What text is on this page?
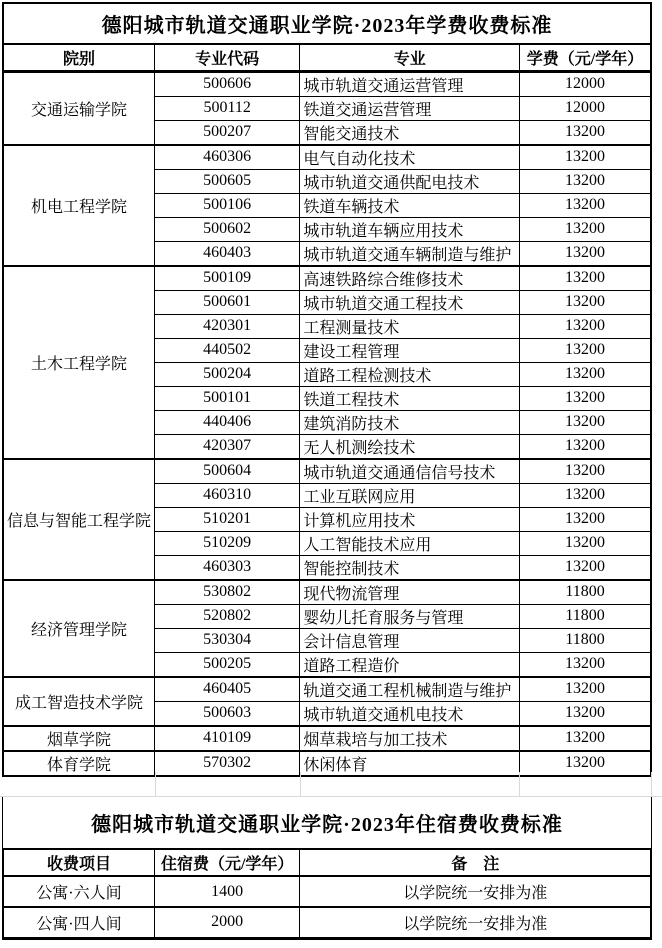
德阳城市轨道交通职业学院·2023年学费收费标准
院别	专业代码	专业	学费（元/学年）
交通运输学院	500606	城市轨道交通运营管理	12000
	500112	铁道交通运营管理	12000
	500207	智能交通技术	13200
机电工程学院	460306	电气自动化技术	13200
	500605	城市轨道交通供配电技术	13200
	500106	铁道车辆技术	13200
	500602	城市轨道车辆应用技术	13200
	460403	城市轨道交通车辆制造与维护	13200
土木工程学院	500109	高速铁路综合维修技术	13200
	500601	城市轨道交通工程技术	13200
	420301	工程测量技术	13200
	440502	建设工程管理	13200
	500204	道路工程检测技术	13200
	500101	铁道工程技术	13200
	440406	建筑消防技术	13200
	420307	无人机测绘技术	13200
信息与智能工程学院	500604	城市轨道交通通信信号技术	13200
	460310	工业互联网应用	13200
	510201	计算机应用技术	13200
	510209	人工智能技术应用	13200
	460303	智能控制技术	13200
经济管理学院	530802	现代物流管理	11800
	520802	婴幼儿托育服务与管理	11800
	530304	会计信息管理	11800
	500205	道路工程造价	13200
成工智造技术学院	460405	轨道交通工程机械制造与维护	13200
	500603	城市轨道交通机电技术	13200
烟草学院	410109	烟草栽培与加工技术	13200
体育学院	570302	休闲体育	13200
德阳城市轨道交通职业学院·2023年住宿费收费标准
收费项目	住宿费（元/学年）	备　注
公寓·六人间	1400	以学院统一安排为准
公寓·四人间	2000	以学院统一安排为准
